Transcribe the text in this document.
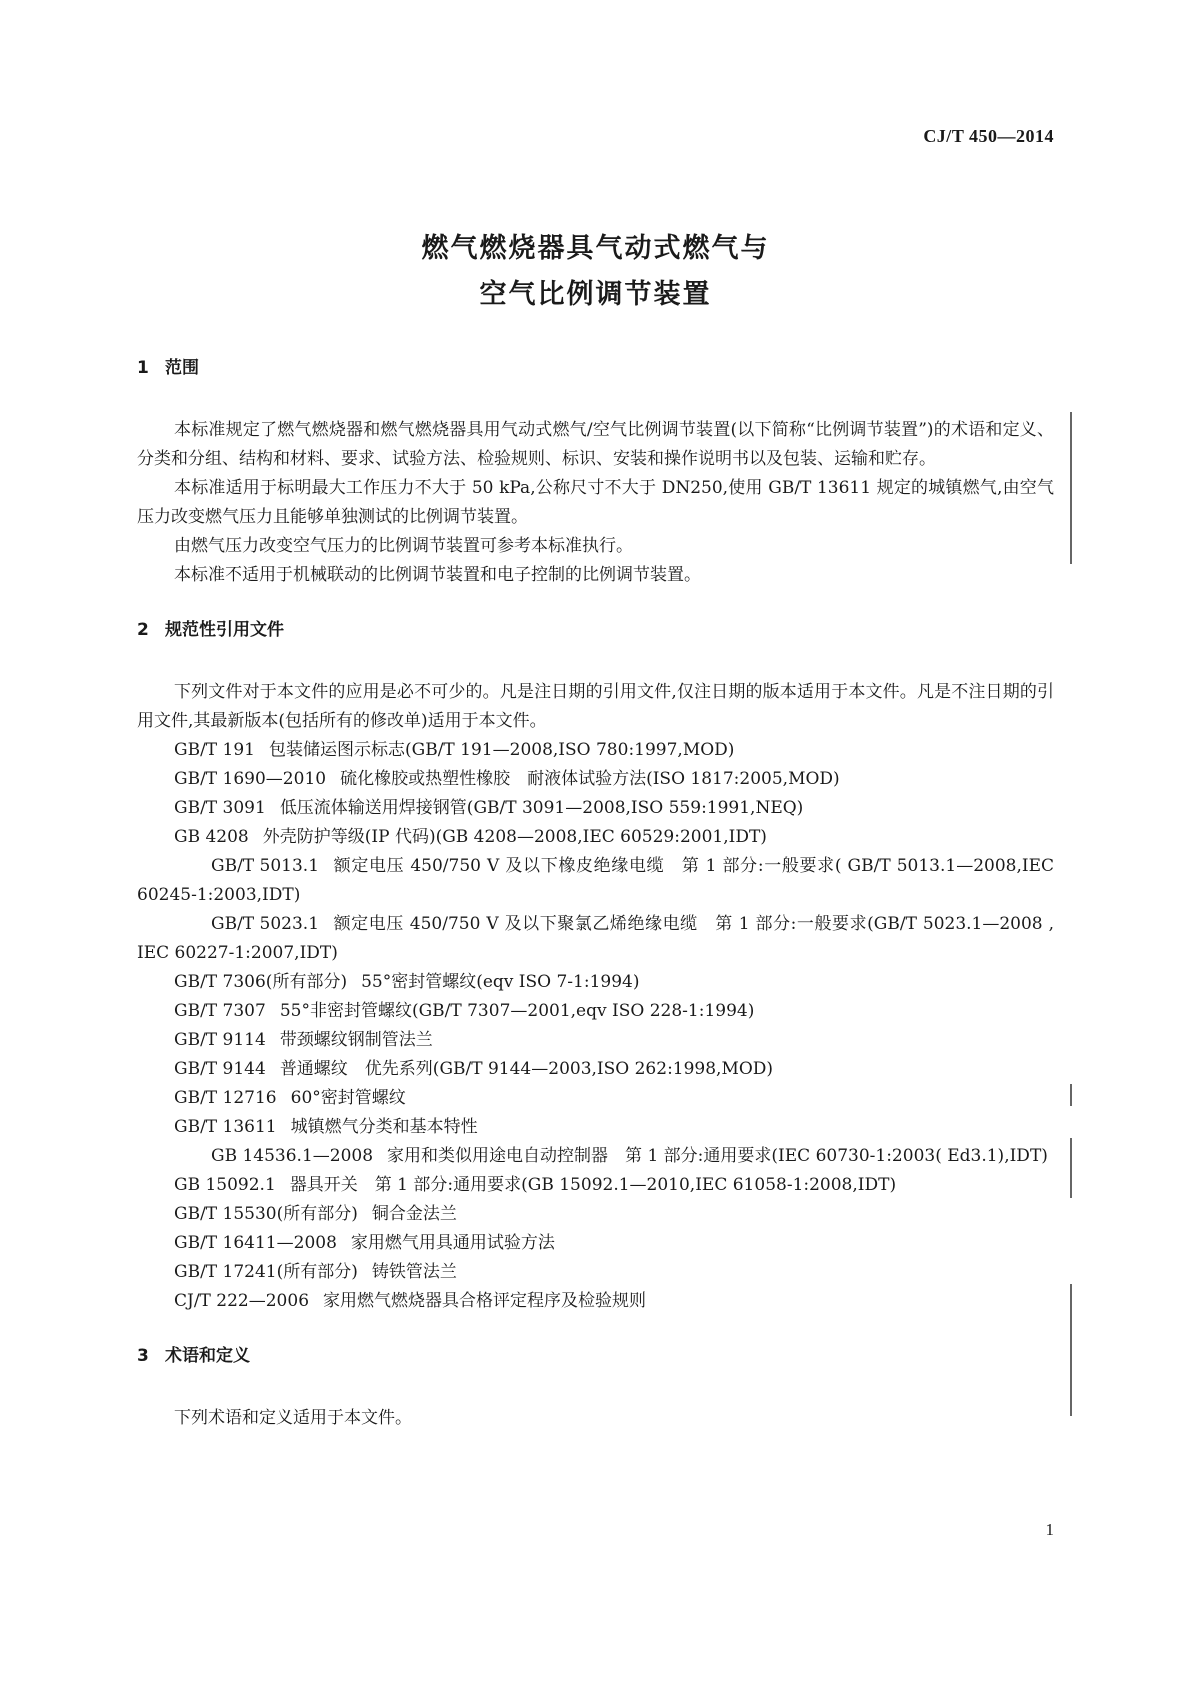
CJ/T 450—2014
燃气燃烧器具气动式燃气与
空气比例调节装置
1 范围

本标准规定了燃气燃烧器和燃气燃烧器具用气动式燃气/空气比例调节装置(以下简称“比例调节装置”)的术语和定义、分类和分组、结构和材料、要求、试验方法、检验规则、标识、安装和操作说明书以及包装、运输和贮存。

本标准适用于标明最大工作压力不大于 50 kPa,公称尺寸不大于 DN250,使用 GB/T 13611 规定的城镇燃气,由空气压力改变燃气压力且能够单独测试的比例调节装置。

由燃气压力改变空气压力的比例调节装置可参考本标准执行。

本标准不适用于机械联动的比例调节装置和电子控制的比例调节装置。

2 规范性引用文件

下列文件对于本文件的应用是必不可少的。凡是注日期的引用文件,仅注日期的版本适用于本文件。凡是不注日期的引用文件,其最新版本(包括所有的修改单)适用于本文件。

GB/T 191 包装储运图示标志(GB/T 191—2008,ISO 780:1997,MOD)

GB/T 1690—2010 硫化橡胶或热塑性橡胶　耐液体试验方法(ISO 1817:2005,MOD)

GB/T 3091 低压流体输送用焊接钢管(GB/T 3091—2008,ISO 559:1991,NEQ)

GB 4208 外壳防护等级(IP 代码)(GB 4208—2008,IEC 60529:2001,IDT)

GB/T 5013.1 额定电压 450/750 V 及以下橡皮绝缘电缆　第 1 部分:一般要求( GB/T 5013.1—2008,IEC 60245-1:2003,IDT)

GB/T 5023.1 额定电压 450/750 V 及以下聚氯乙烯绝缘电缆　第 1 部分:一般要求(GB/T 5023.1—2008 , IEC 60227-1:2007,IDT)

GB/T 7306(所有部分) 55°密封管螺纹(eqv ISO 7-1:1994)

GB/T 7307 55°非密封管螺纹(GB/T 7307—2001,eqv ISO 228-1:1994)

GB/T 9114 带颈螺纹钢制管法兰

GB/T 9144 普通螺纹　优先系列(GB/T 9144—2003,ISO 262:1998,MOD)

GB/T 12716 60°密封管螺纹

GB/T 13611 城镇燃气分类和基本特性

GB 14536.1—2008 家用和类似用途电自动控制器　第 1 部分:通用要求(IEC 60730-1:2003( Ed3.1),IDT)

GB 15092.1 器具开关　第 1 部分:通用要求(GB 15092.1—2010,IEC 61058-1:2008,IDT)

GB/T 15530(所有部分) 铜合金法兰

GB/T 16411—2008 家用燃气用具通用试验方法

GB/T 17241(所有部分) 铸铁管法兰

CJ/T 222—2006 家用燃气燃烧器具合格评定程序及检验规则

3 术语和定义

下列术语和定义适用于本文件。

1
